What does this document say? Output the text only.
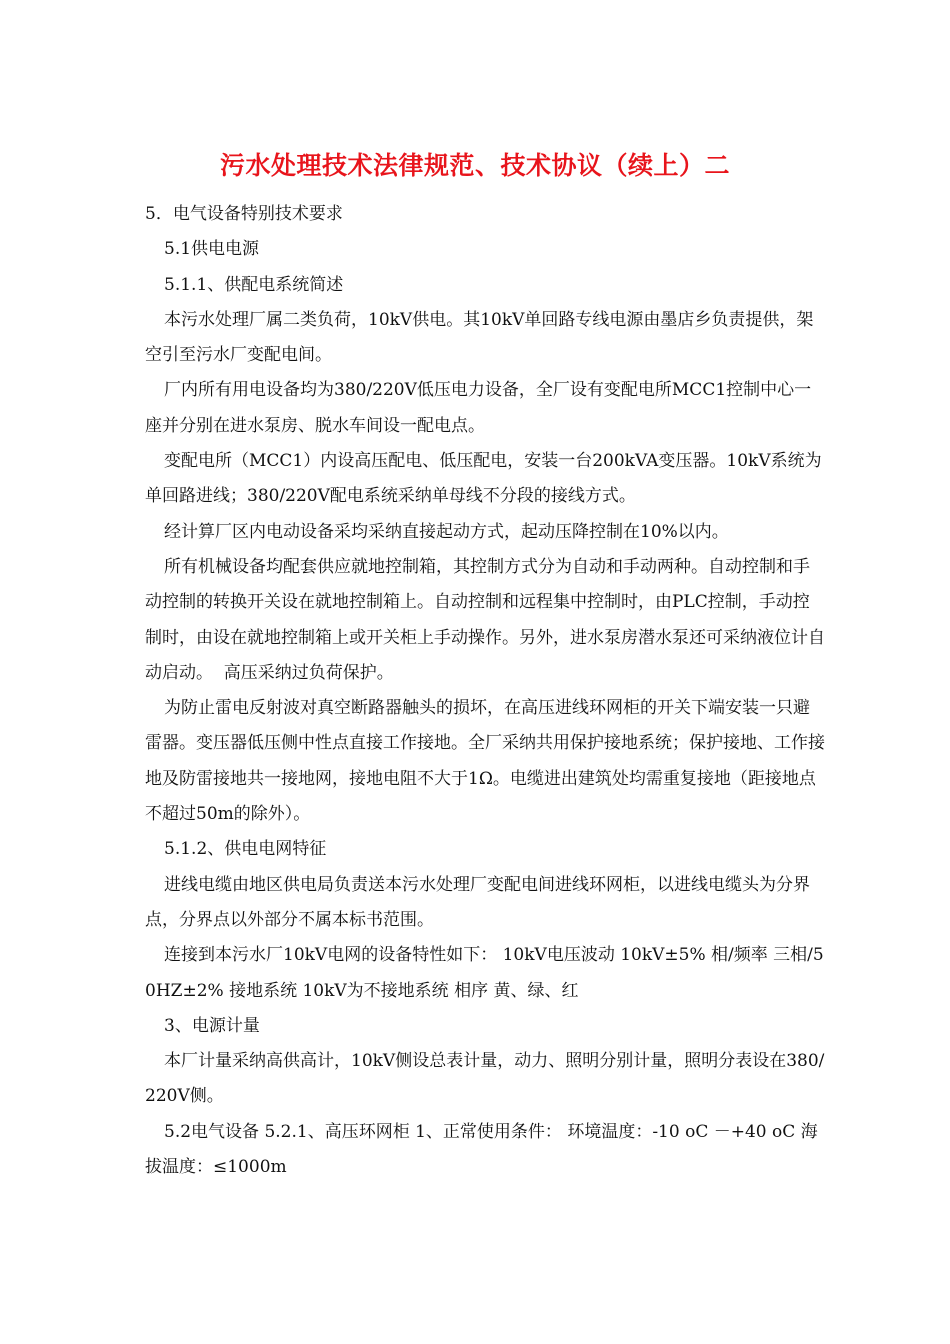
污水处理技术法律规范、技术协议（续上）二

5．电气设备特别技术要求

5.1供电电源

5.1.1、供配电系统简述

本污水处理厂属二类负荷，10kV供电。其10kV单回路专线电源由墨店乡负责提供，架空引至污水厂变配电间。

厂内所有用电设备均为380/220V低压电力设备，全厂设有变配电所MCC1控制中心一座并分别在进水泵房、脱水车间设一配电点。

变配电所（MCC1）内设高压配电、低压配电，安装一台200kVA变压器。10kV系统为单回路进线；380/220V配电系统采纳单母线不分段的接线方式。

经计算厂区内电动设备采均采纳直接起动方式，起动压降控制在10%以内。

所有机械设备均配套供应就地控制箱，其控制方式分为自动和手动两种。自动控制和手动控制的转换开关设在就地控制箱上。自动控制和远程集中控制时，由PLC控制，手动控制时，由设在就地控制箱上或开关柜上手动操作。另外，进水泵房潜水泵还可采纳液位计自动启动。  高压采纳过负荷保护。

为防止雷电反射波对真空断路器触头的损坏，在高压进线环网柜的开关下端安装一只避雷器。变压器低压侧中性点直接工作接地。全厂采纳共用保护接地系统；保护接地、工作接地及防雷接地共一接地网，接地电阻不大于1Ω。电缆进出建筑处均需重复接地（距接地点不超过50m的除外）。

5.1.2、供电电网特征

进线电缆由地区供电局负责送本污水处理厂变配电间进线环网柜，以进线电缆头为分界点，分界点以外部分不属本标书范围。

连接到本污水厂10kV电网的设备特性如下： 10kV电压波动 10kV±5% 相/频率 三相/50HZ±2% 接地系统 10kV为不接地系统 相序 黄、绿、红

3、电源计量

本厂计量采纳高供高计，10kV侧设总表计量，动力、照明分别计量，照明分表设在380/220V侧。

5.2电气设备 5.2.1、高压环网柜 1、正常使用条件： 环境温度：-10 oC －+40 oC 海拔温度：≤1000m
